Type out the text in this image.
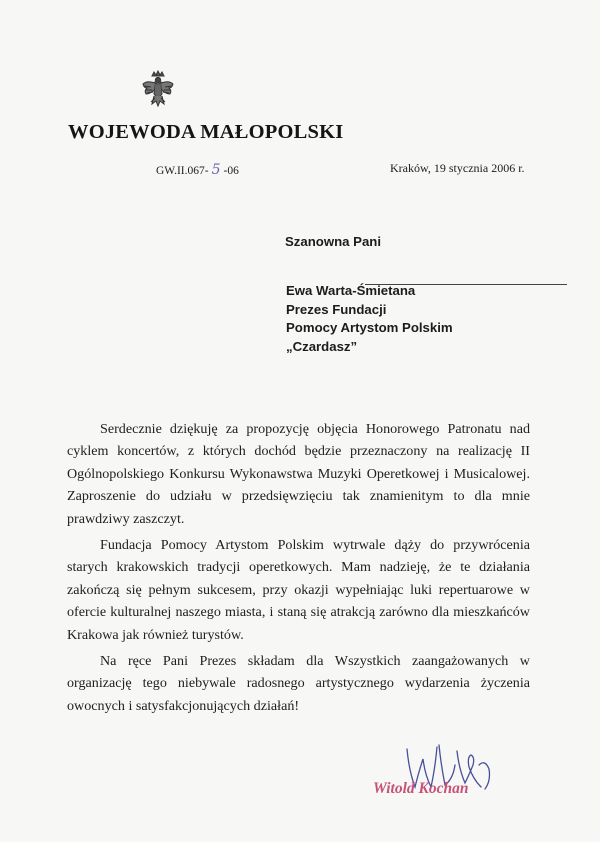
WOJEWODA MAŁOPOLSKI
GW.II.067- 5 -06	Kraków, 19 stycznia 2006 r.
Szanowna Pani
Ewa Warta-Śmietana
Prezes Fundacji
Pomocy Artystom Polskim
„Czardasz”

Serdecznie dziękuję za propozycję objęcia Honorowego Patronatu nad cyklem koncertów, z których dochód będzie przeznaczony na realizację II Ogólnopolskiego Konkursu Wykonawstwa Muzyki Operetkowej i Musicalowej. Zaproszenie do udziału w przedsięwzięciu tak znamienitym to dla mnie prawdziwy zaszczyt.

Fundacja Pomocy Artystom Polskim wytrwale dąży do przywrócenia starych krakowskich tradycji operetkowych. Mam nadzieję, że te działania zakończą się pełnym sukcesem, przy okazji wypełniając luki repertuarowe w ofercie kulturalnej naszego miasta, i staną się atrakcją zarówno dla mieszkańców Krakowa jak również turystów.

Na ręce Pani Prezes składam dla Wszystkich zaangażowanych w organizację tego niebywale radosnego artystycznego wydarzenia życzenia owocnych i satysfakcjonujących działań!

Witold Kochan
